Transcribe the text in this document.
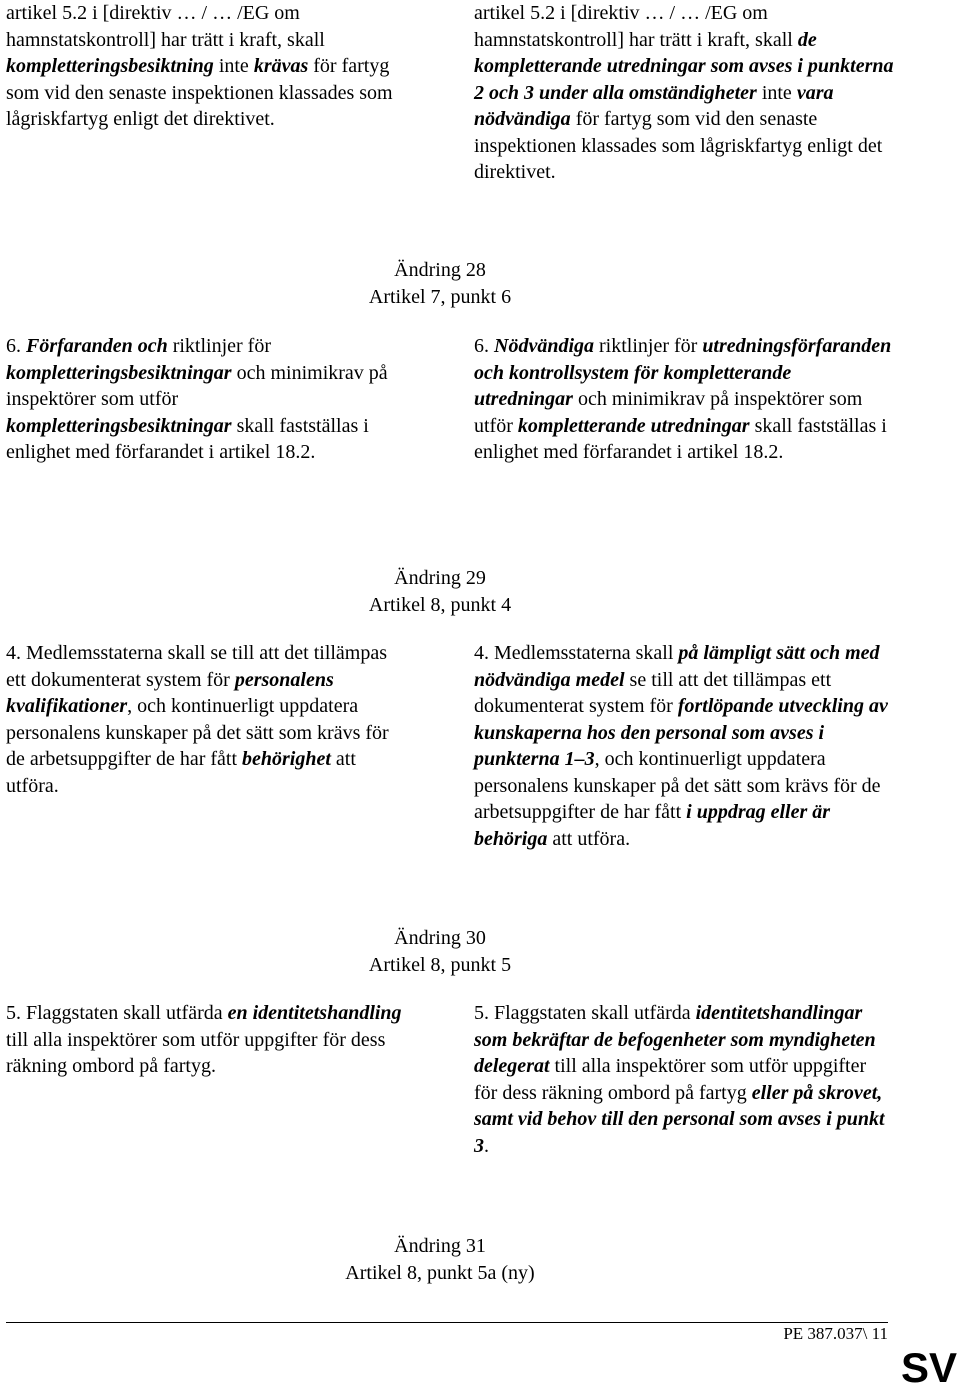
artikel 5.2 i [direktiv … / … /EG om hamnstatskontroll] har trätt i kraft, skall kompletteringsbesiktning inte krävas för fartyg som vid den senaste inspektionen klassades som lågriskfartyg enligt det direktivet.
artikel 5.2 i [direktiv … / … /EG om hamnstatskontroll] har trätt i kraft, skall de kompletterande utredningar som avses i punkterna 2 och 3 under alla omständigheter inte vara nödvändiga för fartyg som vid den senaste inspektionen klassades som lågriskfartyg enligt det direktivet.
Ändring 28
Artikel 7, punkt 6
6. Förfaranden och riktlinjer för kompletteringsbesiktningar och minimikrav på inspektörer som utför kompletteringsbesiktningar skall fastställas i enlighet med förfarandet i artikel 18.2.
6. Nödvändiga riktlinjer för utredningsförfaranden och kontrollsystem för kompletterande utredningar och minimikrav på inspektörer som utför kompletterande utredningar skall fastställas i enlighet med förfarandet i artikel 18.2.
Ändring 29
Artikel 8, punkt 4
4. Medlemsstaterna skall se till att det tillämpas ett dokumenterat system för personalens kvalifikationer, och kontinuerligt uppdatera personalens kunskaper på det sätt som krävs för de arbetsuppgifter de har fått behörighet att utföra.
4. Medlemsstaterna skall på lämpligt sätt och med nödvändiga medel se till att det tillämpas ett dokumenterat system för fortlöpande utveckling av kunskaperna hos den personal som avses i punkterna 1–3, och kontinuerligt uppdatera personalens kunskaper på det sätt som krävs för de arbetsuppgifter de har fått i uppdrag eller är behöriga att utföra.
Ändring 30
Artikel 8, punkt 5
5. Flaggstaten skall utfärda en identitetshandling till alla inspektörer som utför uppgifter för dess räkning ombord på fartyg.
5. Flaggstaten skall utfärda identitetshandlingar som bekräftar de befogenheter som myndigheten delegerat till alla inspektörer som utför uppgifter för dess räkning ombord på fartyg eller på skrovet, samt vid behov till den personal som avses i punkt 3.
Ändring 31
Artikel 8, punkt 5a (ny)
PE 387.037\ 11
SV
